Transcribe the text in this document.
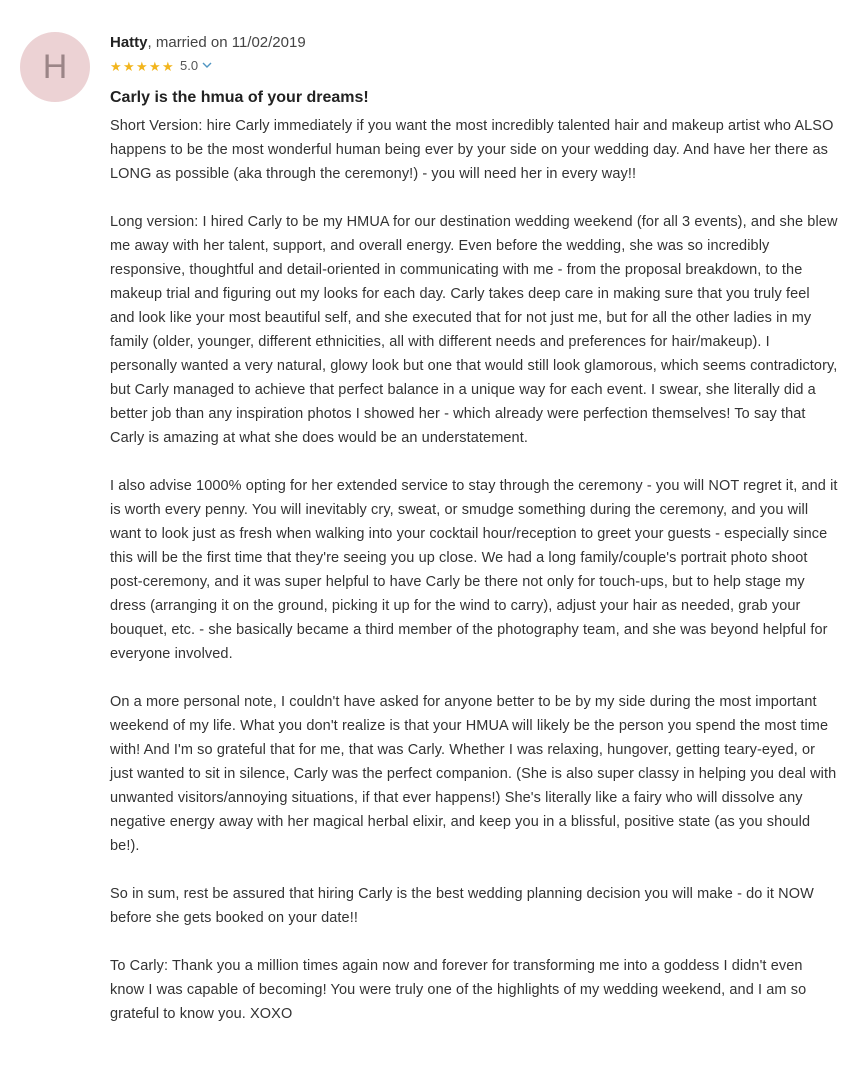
H
Hatty, married on 11/02/2019
★ ★ ★ ★ ★ 5.0
Carly is the hmua of your dreams!

Short Version: hire Carly immediately if you want the most incredibly talented hair and makeup artist who ALSO happens to be the most wonderful human being ever by your side on your wedding day. And have her there as LONG as possible (aka through the ceremony!) - you will need her in every way!!

Long version: I hired Carly to be my HMUA for our destination wedding weekend (for all 3 events), and she blew me away with her talent, support, and overall energy. Even before the wedding, she was so incredibly responsive, thoughtful and detail-oriented in communicating with me - from the proposal breakdown, to the makeup trial and figuring out my looks for each day. Carly takes deep care in making sure that you truly feel and look like your most beautiful self, and she executed that for not just me, but for all the other ladies in my family (older, younger, different ethnicities, all with different needs and preferences for hair/makeup). I personally wanted a very natural, glowy look but one that would still look glamorous, which seems contradictory, but Carly managed to achieve that perfect balance in a unique way for each event. I swear, she literally did a better job than any inspiration photos I showed her - which already were perfection themselves! To say that Carly is amazing at what she does would be an understatement.

I also advise 1000% opting for her extended service to stay through the ceremony - you will NOT regret it, and it is worth every penny. You will inevitably cry, sweat, or smudge something during the ceremony, and you will want to look just as fresh when walking into your cocktail hour/reception to greet your guests - especially since this will be the first time that they're seeing you up close. We had a long family/couple's portrait photo shoot post-ceremony, and it was super helpful to have Carly be there not only for touch-ups, but to help stage my dress (arranging it on the ground, picking it up for the wind to carry), adjust your hair as needed, grab your bouquet, etc. - she basically became a third member of the photography team, and she was beyond helpful for everyone involved.

On a more personal note, I couldn't have asked for anyone better to be by my side during the most important weekend of my life. What you don't realize is that your HMUA will likely be the person you spend the most time with! And I'm so grateful that for me, that was Carly. Whether I was relaxing, hungover, getting teary-eyed, or just wanted to sit in silence, Carly was the perfect companion. (She is also super classy in helping you deal with unwanted visitors/annoying situations, if that ever happens!) She's literally like a fairy who will dissolve any negative energy away with her magical herbal elixir, and keep you in a blissful, positive state (as you should be!).

So in sum, rest be assured that hiring Carly is the best wedding planning decision you will make - do it NOW before she gets booked on your date!!

To Carly: Thank you a million times again now and forever for transforming me into a goddess I didn't even know I was capable of becoming! You were truly one of the highlights of my wedding weekend, and I am so grateful to know you. XOXO
